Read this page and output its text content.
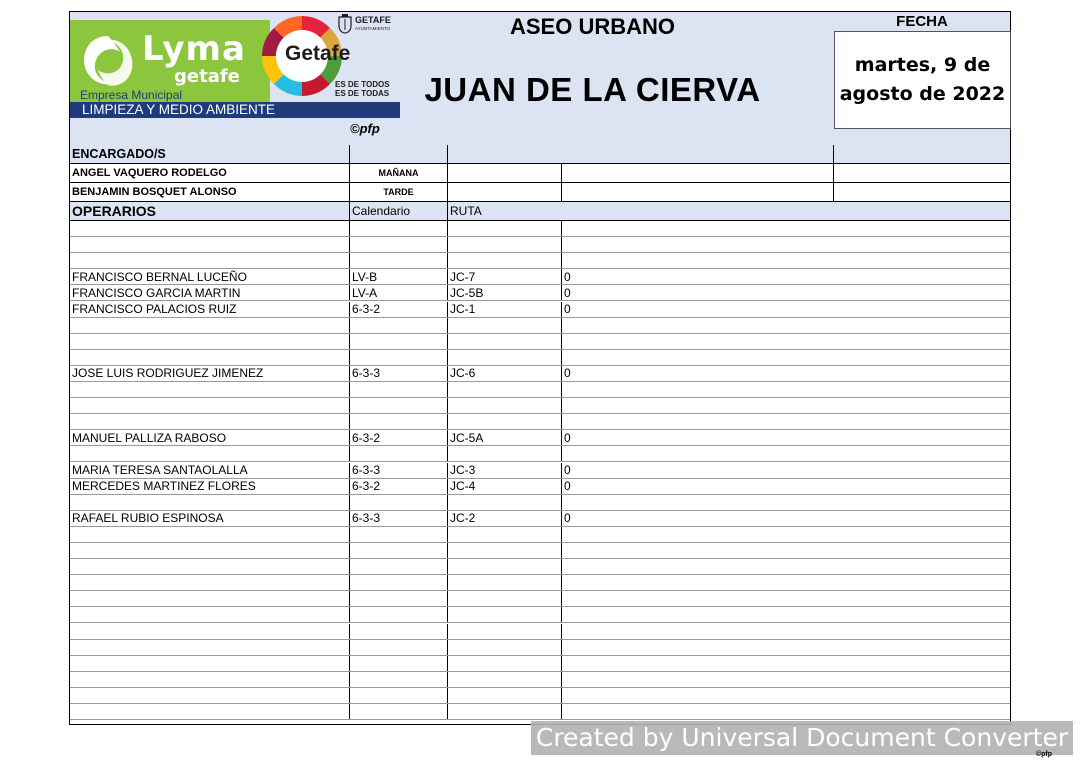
Lyma
getafe
Empresa Municipal
LIMPIEZA Y MEDIO AMBIENTE
Getafe
ES DE TODOS
ES DE TODAS
GETAFE
AYUNTAMIENTO
©pfp
ASEO URBANO
JUAN DE LA CIERVA
FECHA
martes, 9 de
agosto de 2022
ENCARGADO/S
ANGEL VAQUERO RODELGO	MAÑANA
BENJAMIN BOSQUET ALONSO	TARDE
OPERARIOS	Calendario	RUTA
FRANCISCO BERNAL LUCEÑO	LV-B	JC-7	0
FRANCISCO GARCIA MARTIN	LV-A	JC-5B	0
FRANCISCO PALACIOS RUIZ	6-3-2	JC-1	0
JOSE LUIS RODRIGUEZ JIMENEZ	6-3-3	JC-6	0
MANUEL PALLIZA RABOSO	6-3-2	JC-5A	0
MARIA TERESA SANTAOLALLA	6-3-3	JC-3	0
MERCEDES MARTINEZ FLORES	6-3-2	JC-4	0
RAFAEL RUBIO ESPINOSA	6-3-3	JC-2	0
Created by Universal Document Converter
©pfp
